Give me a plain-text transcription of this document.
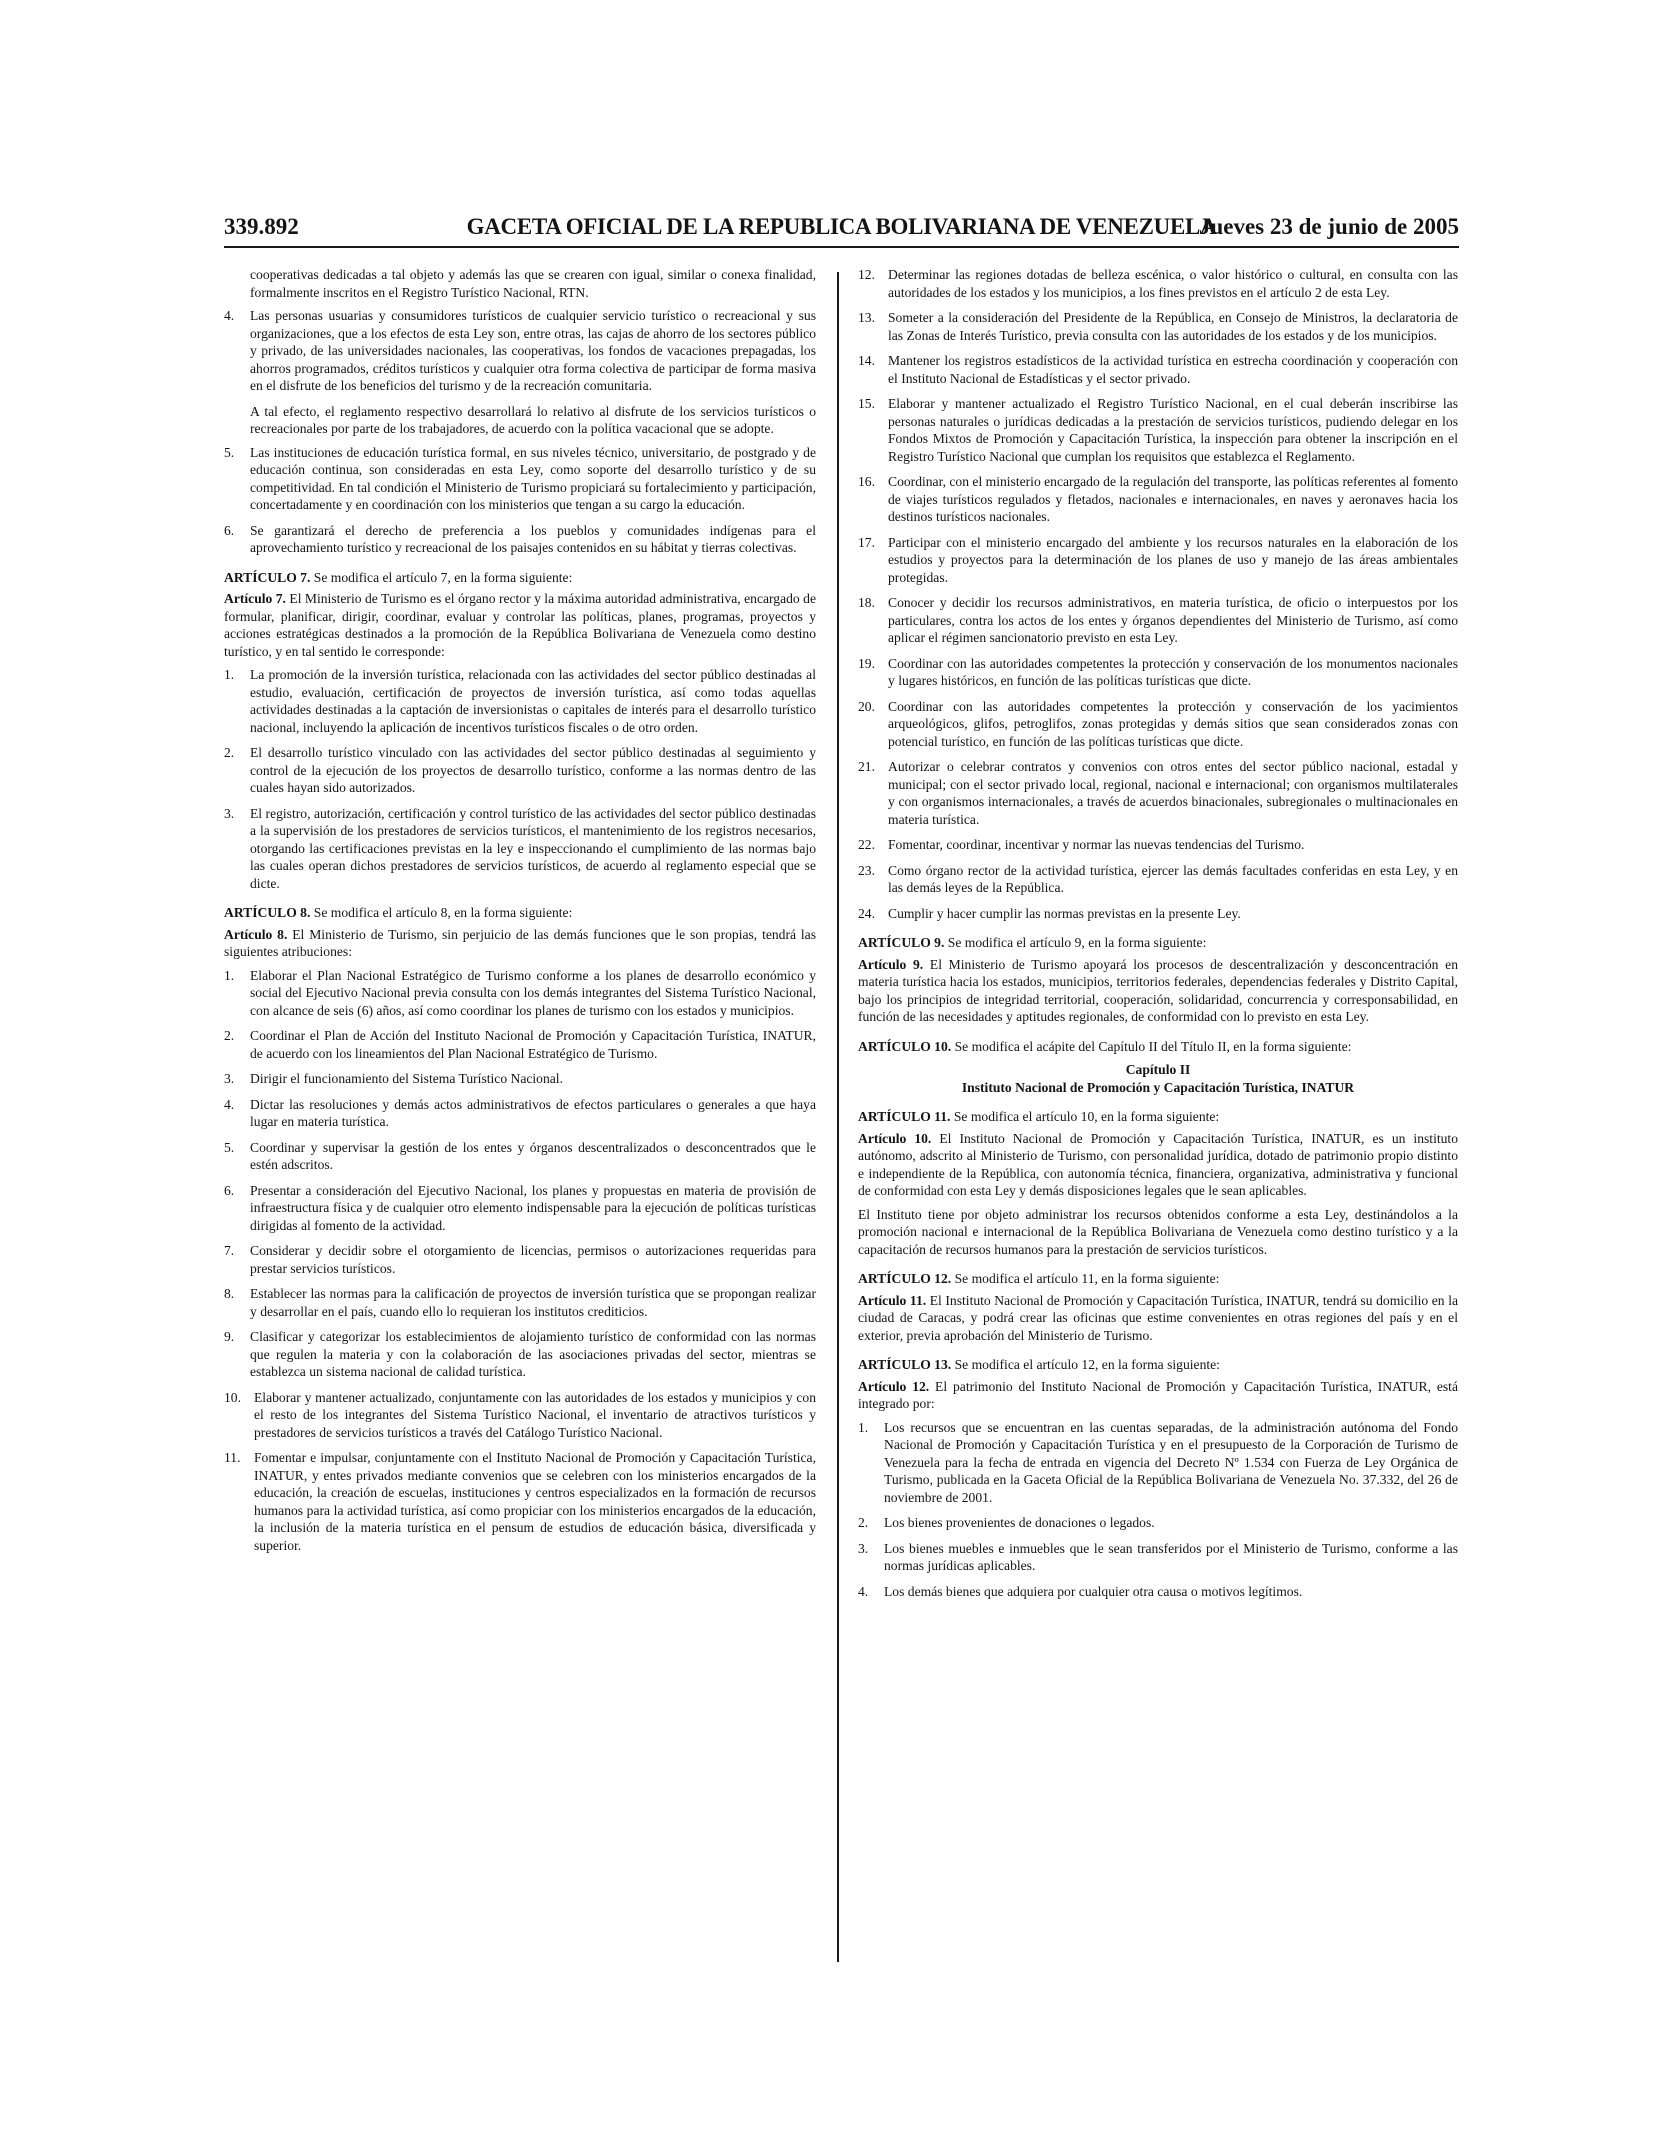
339.892	GACETA OFICIAL DE LA REPUBLICA BOLIVARIANA DE VENEZUELA
Jueves 23 de junio de 2005

cooperativas dedicadas a tal objeto y además las que se crearen con igual, similar o conexa finalidad, formalmente inscritos en el Registro Turístico Nacional, RTN.

4. Las personas usuarias y consumidores turísticos de cualquier servicio turístico o recreacional y sus organizaciones, que a los efectos de esta Ley son, entre otras, las cajas de ahorro de los sectores público y privado, de las universidades nacionales, las cooperativas, los fondos de vacaciones prepagadas, los ahorros programados, créditos turísticos y cualquier otra forma colectiva de participar de forma masiva en el disfrute de los beneficios del turismo y de la recreación comunitaria.

A tal efecto, el reglamento respectivo desarrollará lo relativo al disfrute de los servicios turísticos o recreacionales por parte de los trabajadores, de acuerdo con la política vacacional que se adopte.

5. Las instituciones de educación turística formal, en sus niveles técnico, universitario, de postgrado y de educación continua, son consideradas en esta Ley, como soporte del desarrollo turístico y de su competitividad. En tal condición el Ministerio de Turismo propiciará su fortalecimiento y participación, concertadamente y en coordinación con los ministerios que tengan a su cargo la educación.
6. Se garantizará el derecho de preferencia a los pueblos y comunidades indígenas para el aprovechamiento turístico y recreacional de los paisajes contenidos en su hábitat y tierras colectivas.

ARTÍCULO 7. Se modifica el artículo 7, en la forma siguiente:

Artículo 7. El Ministerio de Turismo es el órgano rector y la máxima autoridad administrativa, encargado de formular, planificar, dirigir, coordinar, evaluar y controlar las políticas, planes, programas, proyectos y acciones estratégicas destinados a la promoción de la República Bolivariana de Venezuela como destino turístico, y en tal sentido le corresponde:

1. La promoción de la inversión turística, relacionada con las actividades del sector público destinadas al estudio, evaluación, certificación de proyectos de inversión turística, así como todas aquellas actividades destinadas a la captación de inversionistas o capitales de interés para el desarrollo turístico nacional, incluyendo la aplicación de incentivos turísticos fiscales o de otro orden.
2. El desarrollo turístico vinculado con las actividades del sector público destinadas al seguimiento y control de la ejecución de los proyectos de desarrollo turístico, conforme a las normas dentro de las cuales hayan sido autorizados.
3. El registro, autorización, certificación y control turístico de las actividades del sector público destinadas a la supervisión de los prestadores de servicios turísticos, el mantenimiento de los registros necesarios, otorgando las certificaciones previstas en la ley e inspeccionando el cumplimiento de las normas bajo las cuales operan dichos prestadores de servicios turísticos, de acuerdo al reglamento especial que se dicte.

ARTÍCULO 8. Se modifica el artículo 8, en la forma siguiente:

Artículo 8. El Ministerio de Turismo, sin perjuicio de las demás funciones que le son propias, tendrá las siguientes atribuciones:

1. Elaborar el Plan Nacional Estratégico de Turismo conforme a los planes de desarrollo económico y social del Ejecutivo Nacional previa consulta con los demás integrantes del Sistema Turístico Nacional, con alcance de seis (6) años, así como coordinar los planes de turismo con los estados y municipios.
2. Coordinar el Plan de Acción del Instituto Nacional de Promoción y Capacitación Turística, INATUR, de acuerdo con los lineamientos del Plan Nacional Estratégico de Turismo.
3. Dirigir el funcionamiento del Sistema Turístico Nacional.
4. Dictar las resoluciones y demás actos administrativos de efectos particulares o generales a que haya lugar en materia turística.
5. Coordinar y supervisar la gestión de los entes y órganos descentralizados o desconcentrados que le estén adscritos.
6. Presentar a consideración del Ejecutivo Nacional, los planes y propuestas en materia de provisión de infraestructura física y de cualquier otro elemento indispensable para la ejecución de políticas turísticas dirigidas al fomento de la actividad.
7. Considerar y decidir sobre el otorgamiento de licencias, permisos o autorizaciones requeridas para prestar servicios turísticos.
8. Establecer las normas para la calificación de proyectos de inversión turística que se propongan realizar y desarrollar en el país, cuando ello lo requieran los institutos crediticios.
9. Clasificar y categorizar los establecimientos de alojamiento turístico de conformidad con las normas que regulen la materia y con la colaboración de las asociaciones privadas del sector, mientras se establezca un sistema nacional de calidad turística.
10. Elaborar y mantener actualizado, conjuntamente con las autoridades de los estados y municipios y con el resto de los integrantes del Sistema Turístico Nacional, el inventario de atractivos turísticos y prestadores de servicios turísticos a través del Catálogo Turístico Nacional.
11. Fomentar e impulsar, conjuntamente con el Instituto Nacional de Promoción y Capacitación Turística, INATUR, y entes privados mediante convenios que se celebren con los ministerios encargados de la educación, la creación de escuelas, instituciones y centros especializados en la formación de recursos humanos para la actividad turística, así como propiciar con los ministerios encargados de la educación, la inclusión de la materia turística en el pensum de estudios de educación básica, diversificada y superior.
12. Determinar las regiones dotadas de belleza escénica, o valor histórico o cultural, en consulta con las autoridades de los estados y los municipios, a los fines previstos en el artículo 2 de esta Ley.
13. Someter a la consideración del Presidente de la República, en Consejo de Ministros, la declaratoria de las Zonas de Interés Turístico, previa consulta con las autoridades de los estados y de los municipios.
14. Mantener los registros estadísticos de la actividad turística en estrecha coordinación y cooperación con el Instituto Nacional de Estadísticas y el sector privado.
15. Elaborar y mantener actualizado el Registro Turístico Nacional, en el cual deberán inscribirse las personas naturales o jurídicas dedicadas a la prestación de servicios turísticos, pudiendo delegar en los Fondos Mixtos de Promoción y Capacitación Turística, la inspección para obtener la inscripción en el Registro Turístico Nacional que cumplan los requisitos que establezca el Reglamento.
16. Coordinar, con el ministerio encargado de la regulación del transporte, las políticas referentes al fomento de viajes turísticos regulados y fletados, nacionales e internacionales, en naves y aeronaves hacia los destinos turísticos nacionales.
17. Participar con el ministerio encargado del ambiente y los recursos naturales en la elaboración de los estudios y proyectos para la determinación de los planes de uso y manejo de las áreas ambientales protegidas.
18. Conocer y decidir los recursos administrativos, en materia turística, de oficio o interpuestos por los particulares, contra los actos de los entes y órganos dependientes del Ministerio de Turismo, así como aplicar el régimen sancionatorio previsto en esta Ley.
19. Coordinar con las autoridades competentes la protección y conservación de los monumentos nacionales y lugares históricos, en función de las políticas turísticas que dicte.
20. Coordinar con las autoridades competentes la protección y conservación de los yacimientos arqueológicos, glifos, petroglifos, zonas protegidas y demás sitios que sean considerados zonas con potencial turístico, en función de las políticas turísticas que dicte.
21. Autorizar o celebrar contratos y convenios con otros entes del sector público nacional, estadal y municipal; con el sector privado local, regional, nacional e internacional; con organismos multilaterales y con organismos internacionales, a través de acuerdos binacionales, subregionales o multinacionales en materia turística.
22. Fomentar, coordinar, incentivar y normar las nuevas tendencias del Turismo.
23. Como órgano rector de la actividad turística, ejercer las demás facultades conferidas en esta Ley, y en las demás leyes de la República.
24. Cumplir y hacer cumplir las normas previstas en la presente Ley.

ARTÍCULO 9. Se modifica el artículo 9, en la forma siguiente:

Artículo 9. El Ministerio de Turismo apoyará los procesos de descentralización y desconcentración en materia turística hacia los estados, municipios, territorios federales, dependencias federales y Distrito Capital, bajo los principios de integridad territorial, cooperación, solidaridad, concurrencia y corresponsabilidad, en función de las necesidades y aptitudes regionales, de conformidad con lo previsto en esta Ley.

ARTÍCULO 10. Se modifica el acápite del Capítulo II del Título II, en la forma siguiente:

Capítulo II
Instituto Nacional de Promoción y Capacitación Turística, INATUR

ARTÍCULO 11. Se modifica el artículo 10, en la forma siguiente:

Artículo 10. El Instituto Nacional de Promoción y Capacitación Turística, INATUR, es un instituto autónomo, adscrito al Ministerio de Turismo, con personalidad jurídica, dotado de patrimonio propio distinto e independiente de la República, con autonomía técnica, financiera, organizativa, administrativa y funcional de conformidad con esta Ley y demás disposiciones legales que le sean aplicables.

El Instituto tiene por objeto administrar los recursos obtenidos conforme a esta Ley, destinándolos a la promoción nacional e internacional de la República Bolivariana de Venezuela como destino turístico y a la capacitación de recursos humanos para la prestación de servicios turísticos.

ARTÍCULO 12. Se modifica el artículo 11, en la forma siguiente:

Artículo 11. El Instituto Nacional de Promoción y Capacitación Turística, INATUR, tendrá su domicilio en la ciudad de Caracas, y podrá crear las oficinas que estime convenientes en otras regiones del país y en el exterior, previa aprobación del Ministerio de Turismo.

ARTÍCULO 13. Se modifica el artículo 12, en la forma siguiente:

Artículo 12. El patrimonio del Instituto Nacional de Promoción y Capacitación Turística, INATUR, está integrado por:

1. Los recursos que se encuentran en las cuentas separadas, de la administración autónoma del Fondo Nacional de Promoción y Capacitación Turística y en el presupuesto de la Corporación de Turismo de Venezuela para la fecha de entrada en vigencia del Decreto Nº 1.534 con Fuerza de Ley Orgánica de Turismo, publicada en la Gaceta Oficial de la República Bolivariana de Venezuela No. 37.332, del 26 de noviembre de 2001.
2. Los bienes provenientes de donaciones o legados.
3. Los bienes muebles e inmuebles que le sean transferidos por el Ministerio de Turismo, conforme a las normas jurídicas aplicables.
4. Los demás bienes que adquiera por cualquier otra causa o motivos legítimos.
